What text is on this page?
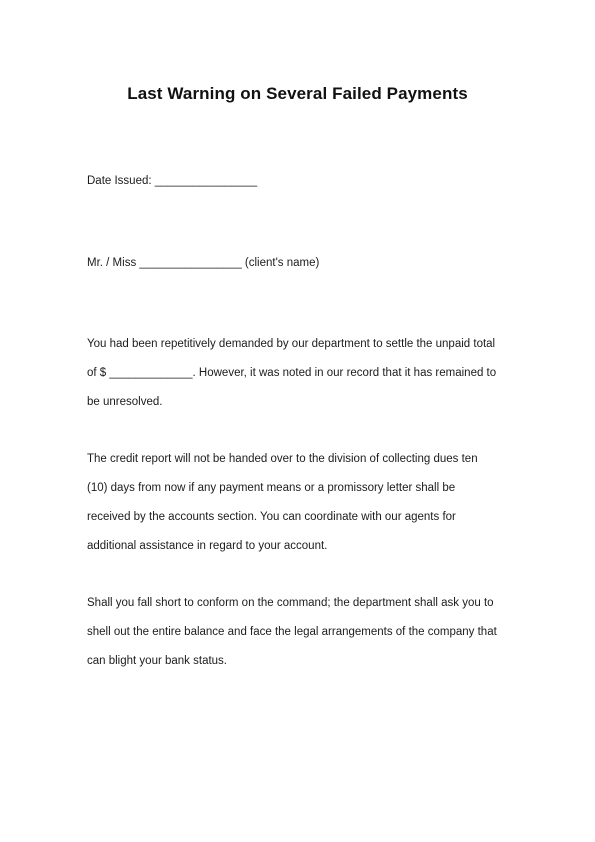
Last Warning on Several Failed Payments

Date Issued: ________________

Mr. / Miss ________________ (client's name)

You had been repetitively demanded by our department to settle the unpaid total
of $ _____________. However, it was noted in our record that it has remained to
be unresolved.
The credit report will not be handed over to the division of collecting dues ten
(10) days from now if any payment means or a promissory letter shall be
received by the accounts section. You can coordinate with our agents for
additional assistance in regard to your account.
Shall you fall short to conform on the command; the department shall ask you to
shell out the entire balance and face the legal arrangements of the company that
can blight your bank status.
